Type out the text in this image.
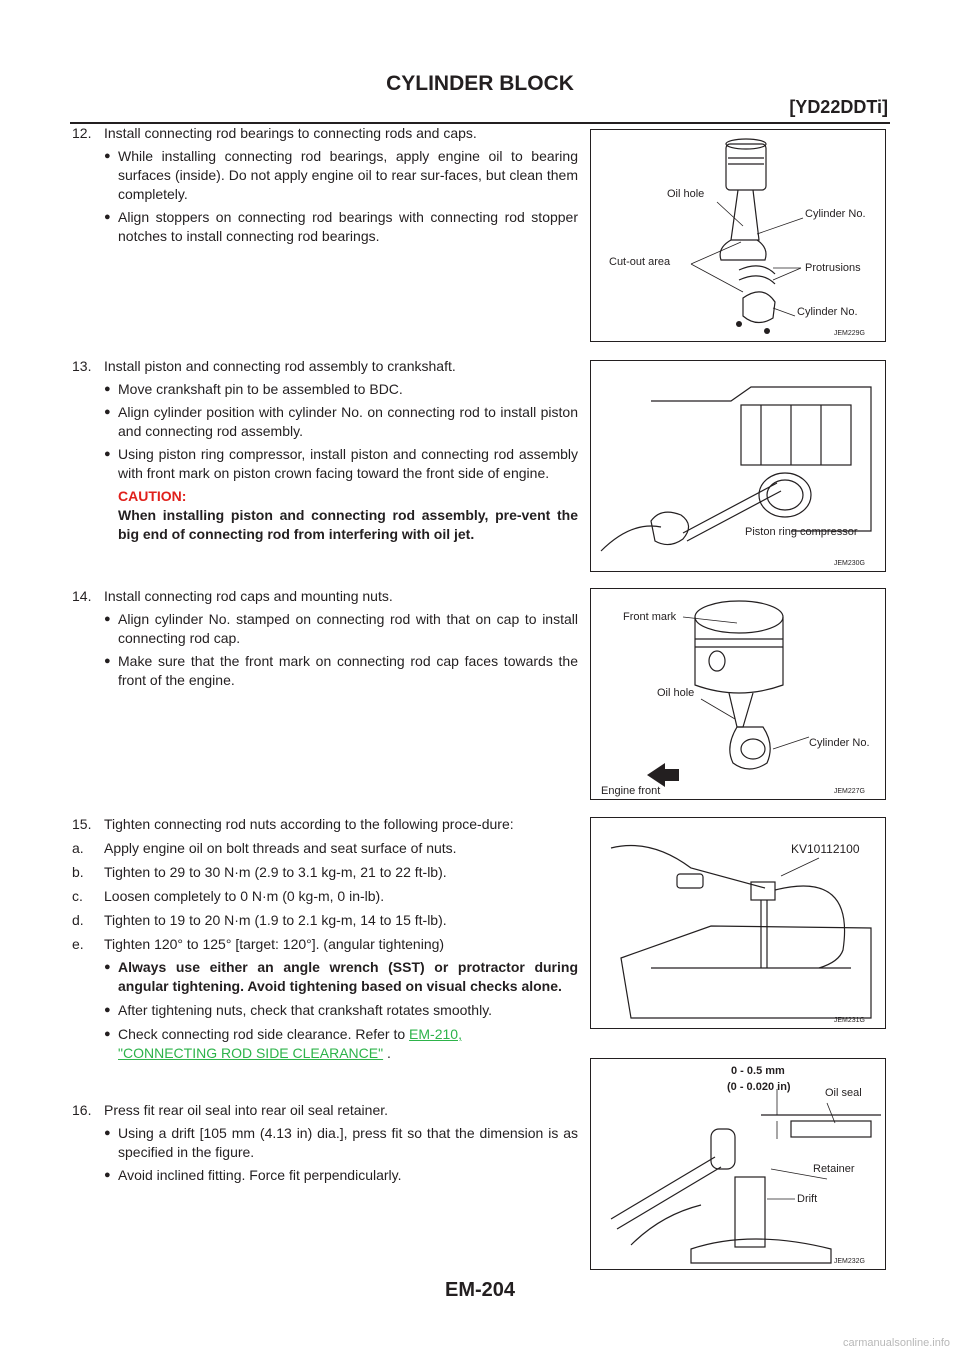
CYLINDER BLOCK
[YD22DDTi]

12. Install connecting rod bearings to connecting rods and caps.

● While installing connecting rod bearings, apply engine oil to bearing surfaces (inside). Do not apply engine oil to rear sur-faces, but clean them completely.

● Align stoppers on connecting rod bearings with connecting rod stopper notches to install connecting rod bearings.

13. Install piston and connecting rod assembly to crankshaft.

● Move crankshaft pin to be assembled to BDC.

● Align cylinder position with cylinder No. on connecting rod to install piston and connecting rod assembly.

● Using piston ring compressor, install piston and connecting rod assembly with front mark on piston crown facing toward the front side of engine.

CAUTION:

When installing piston and connecting rod assembly, pre-vent the big end of connecting rod from interfering with oil jet.

14. Install connecting rod caps and mounting nuts.

● Align cylinder No. stamped on connecting rod with that on cap to install connecting rod cap.

● Make sure that the front mark on connecting rod cap faces towards the front of the engine.

15. Tighten connecting rod nuts according to the following proce-dure:

a. Apply engine oil on bolt threads and seat surface of nuts.

b. Tighten to 29 to 30 N·m (2.9 to 3.1 kg-m, 21 to 22 ft-lb).

c. Loosen completely to 0 N·m (0 kg-m, 0 in-lb).

d. Tighten to 19 to 20 N·m (1.9 to 2.1 kg-m, 14 to 15 ft-lb).

e. Tighten 120° to 125° [target: 120°]. (angular tightening)

● Always use either an angle wrench (SST) or protractor during angular tightening. Avoid tightening based on visual checks alone.

● After tightening nuts, check that crankshaft rotates smoothly.

● Check connecting rod side clearance. Refer to EM-210,
"CONNECTING ROD SIDE CLEARANCE" .

16. Press fit rear oil seal into rear oil seal retainer.

● Using a drift [105 mm (4.13 in) dia.], press fit so that the dimension is as specified in the figure.

● Avoid inclined fitting. Force fit perpendicularly.

Oil hole
Cylinder No.
Cut-out area	Protrusions
Cylinder No.
JEM229G
Piston ring compressor
JEM230G
Front mark
Oil hole
Cylinder No.
Engine front	JEM227G
KV10112100
JEM231G
0 - 0.5 mm
(0 - 0.020 in)	Oil seal
Retainer
Drift
JEM232G
EM-204
carmanualsonline.info
